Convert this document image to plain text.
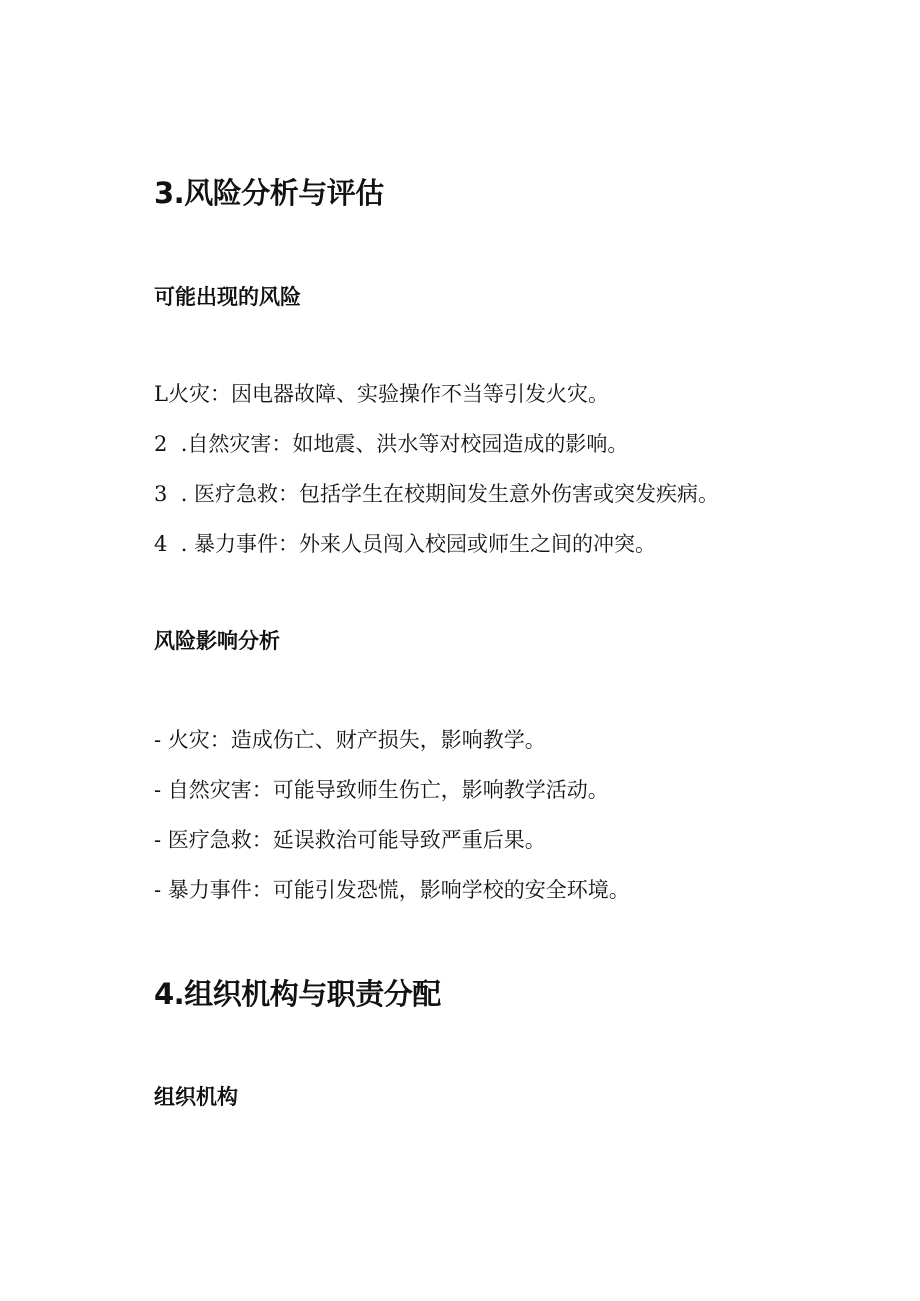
3.风险分析与评估
可能出现的风险
L火灾：因电器故障、实验操作不当等引发火灾。
2  .自然灾害：如地震、洪水等对校园造成的影响。
3  . 医疗急救：包括学生在校期间发生意外伤害或突发疾病。
4  . 暴力事件：外来人员闯入校园或师生之间的冲突。
风险影响分析
- 火灾：造成伤亡、财产损失，影响教学。
- 自然灾害：可能导致师生伤亡，影响教学活动。
- 医疗急救：延误救治可能导致严重后果。
- 暴力事件：可能引发恐慌，影响学校的安全环境。
4.组织机构与职责分配
组织机构
